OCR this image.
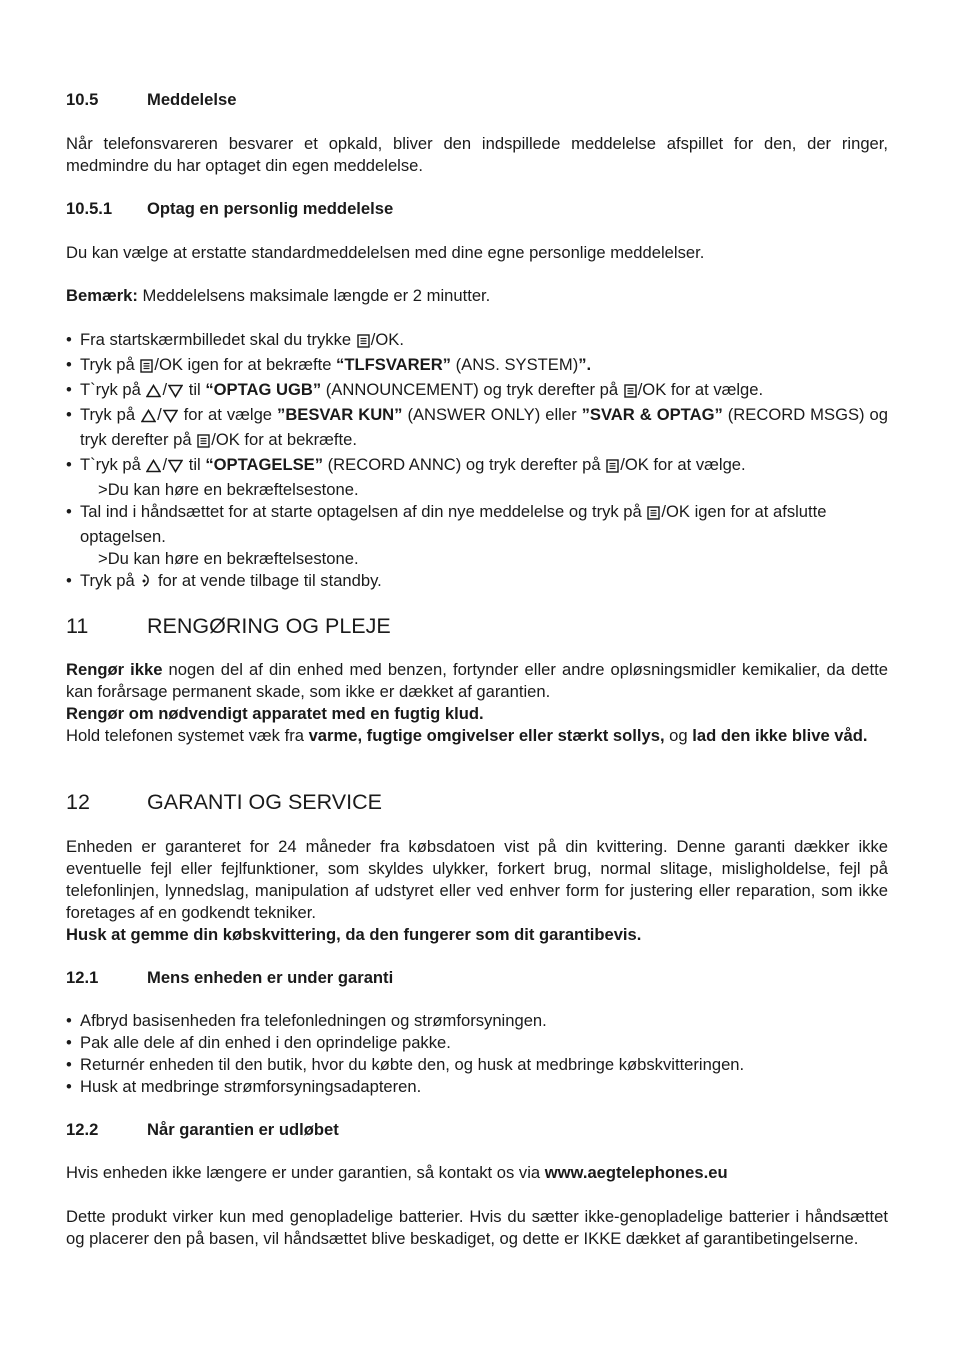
10.5	Meddelelse

Når telefonsvareren besvarer et opkald, bliver den indspillede meddelelse afspillet for den, der ringer, medmindre du har optaget din egen meddelelse.

10.5.1 Optag en personlig meddelelse

Du kan vælge at erstatte standardmeddelelsen med dine egne personlige meddelelser.

Bemærk: Meddelelsens maksimale længde er 2 minutter.

• Fra startskærmbilledet skal du trykke /OK.
• Tryk på /OK igen for at bekræfte “TLFSVARER” (ANS. SYSTEM)”.
• T`ryk på / til “OPTAG UGB” (ANNOUNCEMENT) og tryk derefter på /OK for at vælge.
• Tryk på / for at vælge ”BESVAR KUN” (ANSWER ONLY) eller ”SVAR & OPTAG” (RECORD MSGS) og tryk derefter på /OK for at bekræfte.
• T`ryk på / til “OPTAGELSE” (RECORD ANNC) og tryk derefter på /OK for at vælge.
>Du kan høre en bekræftelsestone.
• Tal ind i håndsættet for at starte optagelsen af din nye meddelelse og tryk på /OK igen for at afslutte optagelsen.
>Du kan høre en bekræftelsestone.
• Tryk på  for at vende tilbage til standby.
11	RENGØRING OG PLEJE

Rengør ikke nogen del af din enhed med benzen, fortynder eller andre opløsningsmidler kemikalier, da dette kan forårsage permanent skade, som ikke er dækket af garantien.

Rengør om nødvendigt apparatet med en fugtig klud.

Hold telefonen systemet væk fra varme, fugtige omgivelser eller stærkt sollys, og lad den ikke blive våd.

12	GARANTI OG SERVICE

Enheden er garanteret for 24 måneder fra købsdatoen vist på din kvittering. Denne garanti dækker ikke eventuelle fejl eller fejlfunktioner, som skyldes ulykker, forkert brug, normal slitage, misligholdelse, fejl på telefonlinjen, lynnedslag, manipulation af udstyret eller ved enhver form for justering eller reparation, som ikke foretages af en godkendt tekniker.

Husk at gemme din købskvittering, da den fungerer som dit garantibevis.

12.1	Mens enheden er under garanti
• Afbryd basisenheden fra telefonledningen og strømforsyningen.
• Pak alle dele af din enhed i den oprindelige pakke.
• Returnér enheden til den butik, hvor du købte den, og husk at medbringe købskvitteringen.
• Husk at medbringe strømforsyningsadapteren.
12.2	Når garantien er udløbet

Hvis enheden ikke længere er under garantien, så kontakt os via www.aegtelephones.eu

Dette produkt virker kun med genopladelige batterier. Hvis du sætter ikke-genopladelige batterier i håndsættet og placerer den på basen, vil håndsættet blive beskadiget, og dette er IKKE dækket af garantibetingelserne.
